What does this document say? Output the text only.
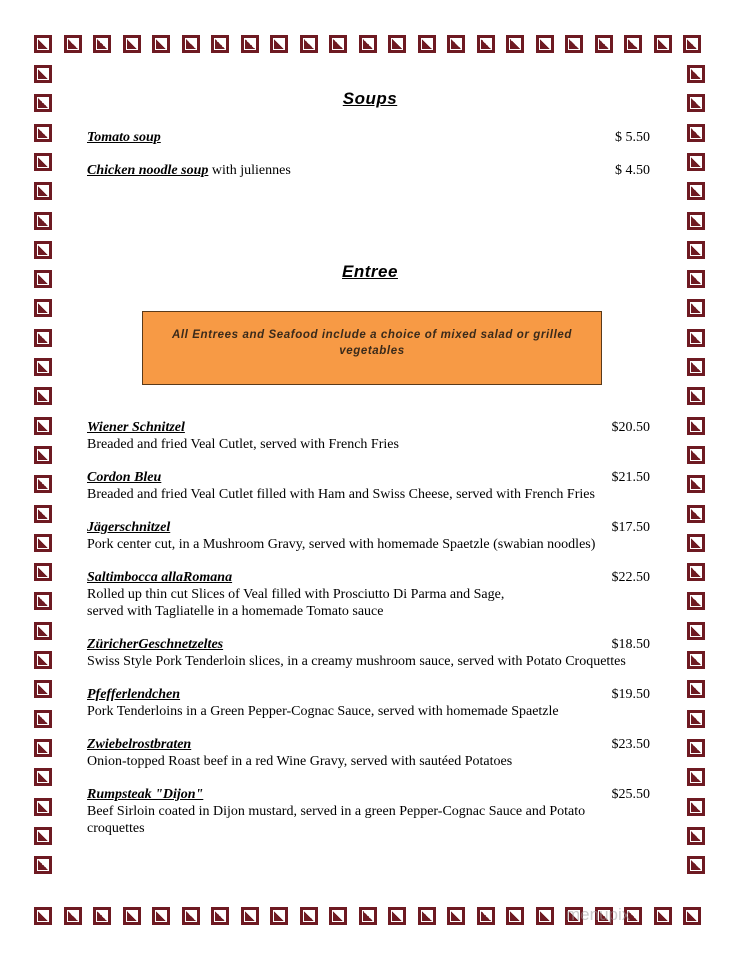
Soups
Tomato soup	$ 5.50
Chicken noodle soup with juliennes	$ 4.50
Entree
All Entrees and Seafood include a choice of mixed salad or grilled vegetables
Wiener Schnitzel	$20.50
Breaded and fried Veal Cutlet, served with French Fries
Cordon Bleu	$21.50
Breaded and fried Veal Cutlet filled with Ham and Swiss Cheese, served with French Fries
Jägerschnitzel	$17.50
Pork center cut, in a Mushroom Gravy, served with homemade Spaetzle (swabian noodles)
Saltimbocca allaRomana	$22.50
Rolled up thin cut Slices of Veal filled with Prosciutto Di Parma and Sage, served with Tagliatelle in a homemade Tomato sauce
ZüricherGeschnetzeltes	$18.50
Swiss Style Pork Tenderloin slices, in a creamy mushroom sauce, served with Potato Croquettes
Pfefferlendchen	$19.50
Pork Tenderloins in a Green Pepper-Cognac Sauce, served with homemade Spaetzle
Zwiebelrostbraten	$23.50
Onion-topped Roast beef in a red Wine Gravy, served with sautéed Potatoes
Rumpsteak "Dijon"	$25.50
Beef Sirloin coated in Dijon mustard, served in a green Pepper-Cognac Sauce and Potato croquettes
menupix
